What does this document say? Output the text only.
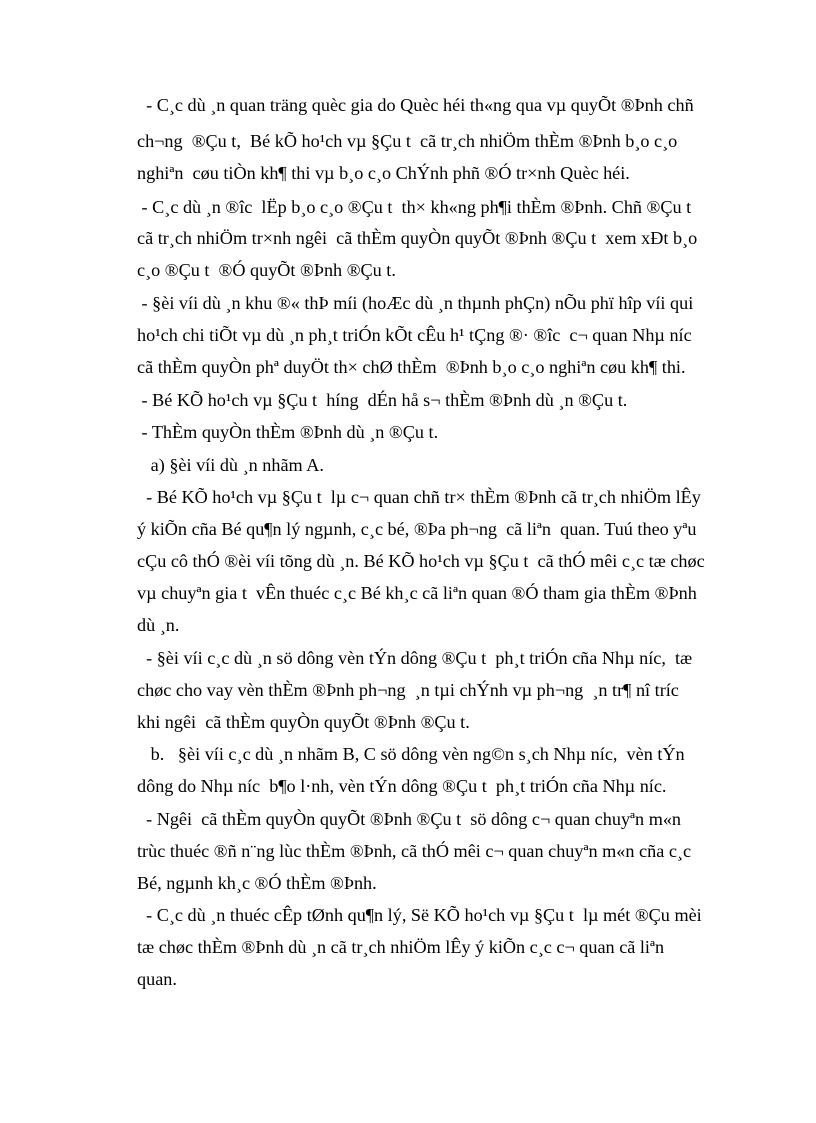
- C¸c dù ¸n quan träng quèc gia do Quèc héi th«ng qua vµ quyÕt ®Þnh chñ
ch¬ng  ®Çu t,  Bé kÕ ho¹ch vµ §Çu t  cã tr¸ch nhiÖm thÈm ®Þnh b¸o c¸o
nghiªn  cøu tiÒn kh¶ thi vµ b¸o c¸o ChÝnh phñ ®Ó tr×nh Quèc héi.
- C¸c dù ¸n ®îc  lËp b¸o c¸o ®Çu t  th× kh«ng ph¶i thÈm ®Þnh. Chñ ®Çu t
cã tr¸ch nhiÖm tr×nh ngêi  cã thÈm quyÒn quyÕt ®Þnh ®Çu t  xem xÐt b¸o
c¸o ®Çu t  ®Ó quyÕt ®Þnh ®Çu t.
- §èi víi dù ¸n khu ®« thÞ míi (hoÆc dù ¸n thµnh phÇn) nÕu phï hîp víi qui
ho¹ch chi tiÕt vµ dù ¸n ph¸t triÓn kÕt cÊu h¹ tÇng ®· ®îc  c¬ quan Nhµ níc
cã thÈm quyÒn phª duyÖt th× chØ thÈm  ®Þnh b¸o c¸o nghiªn cøu kh¶ thi.
- Bé KÕ ho¹ch vµ §Çu t  híng  dÉn hå s¬ thÈm ®Þnh dù ¸n ®Çu t.
- ThÈm quyÒn thÈm ®Þnh dù ¸n ®Çu t.
a) §èi víi dù ¸n nhãm A.
- Bé KÕ ho¹ch vµ §Çu t  lµ c¬ quan chñ tr× thÈm ®Þnh cã tr¸ch nhiÖm lÊy
ý kiÕn cña Bé qu¶n lý ngµnh, c¸c bé, ®Þa ph¬ng  cã liªn  quan. Tuú theo yªu
cÇu cô thÓ ®èi víi tõng dù ¸n. Bé KÕ ho¹ch vµ §Çu t  cã thÓ mêi c¸c tæ chøc
vµ chuyªn gia t  vÊn thuéc c¸c Bé kh¸c cã liªn quan ®Ó tham gia thÈm ®Þnh
dù ¸n.
- §èi víi c¸c dù ¸n sö dông vèn tÝn dông ®Çu t  ph¸t triÓn cña Nhµ níc,  tæ
chøc cho vay vèn thÈm ®Þnh ph¬ng  ¸n tµi chÝnh vµ ph¬ng  ¸n tr¶ nî tríc
khi ngêi  cã thÈm quyÒn quyÕt ®Þnh ®Çu t.
b.   §èi víi c¸c dù ¸n nhãm B, C sö dông vèn ng©n s¸ch Nhµ níc,  vèn tÝn
dông do Nhµ níc  b¶o l·nh, vèn tÝn dông ®Çu t  ph¸t triÓn cña Nhµ níc.
- Ngêi  cã thÈm quyÒn quyÕt ®Þnh ®Çu t  sö dông c¬ quan chuyªn m«n
trùc thuéc ®ñ n¨ng lùc thÈm ®Þnh, cã thÓ mêi c¬ quan chuyªn m«n cña c¸c
Bé, ngµnh kh¸c ®Ó thÈm ®Þnh.
- C¸c dù ¸n thuéc cÊp tØnh qu¶n lý, Së KÕ ho¹ch vµ §Çu t  lµ mét ®Çu mèi
tæ chøc thÈm ®Þnh dù ¸n cã tr¸ch nhiÖm lÊy ý kiÕn c¸c c¬ quan cã liªn
quan.
